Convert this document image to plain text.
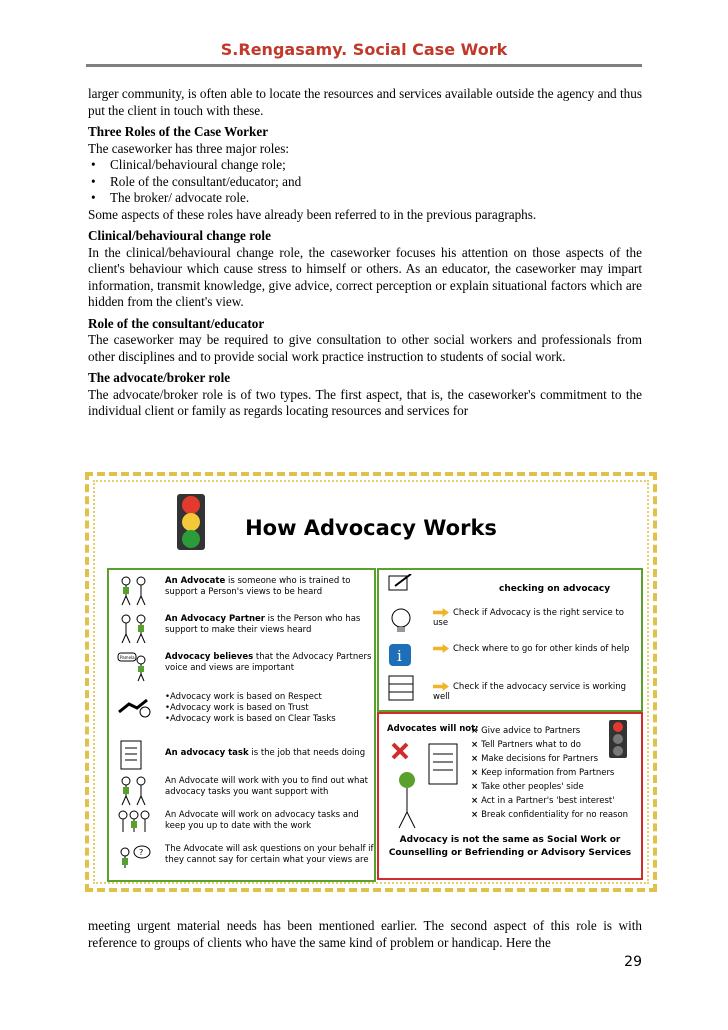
S.Rengasamy. Social Case Work

larger community, is often able to locate the resources and services available outside the agency and thus put the client in touch with these.

Three Roles of the Case Worker

The caseworker has three major roles:

• Clinical/behavioural change role;
• Role of the consultant/educator; and
• The broker/ advocate role.

Some aspects of these roles have already been referred to in the previous paragraphs.

Clinical/behavioural change role

In the clinical/behavioural change role, the caseworker focuses his attention on those aspects of the client's behaviour which cause stress to himself or others. As an educator, the caseworker may impart information, transmit knowledge, give advice, correct perception or explain situational factors which are hidden from the client's view.

Role of the consultant/educator

The caseworker may be required to give consultation to other social workers and professionals from other disciplines and to provide social work practice instruction to students of social work.

The advocate/broker role

The advocate/broker role is of two types. The first aspect, that is, the caseworker's commitment to the individual client or family as regards locating resources and services for

How Advocacy Works
An Advocate is someone who is trained to support a Person's views to be heard
An Advocacy Partner is the Person who has support to make their views heard
Pamela	Advocacy believes that the Advocacy Partners voice and views are important
• Advocacy work is based on Respect
• Advocacy work is based on Trust
• Advocacy work is based on Clear Tasks
An advocacy task is the job that needs doing
An Advocate will work with you to find out what advocacy tasks you want support with
An Advocate will work on advocacy tasks and keep you up to date with the work
?	The Advocate will ask questions on your behalf if they cannot say for certain what your views are
i
checking on advocacy
Check if Advocacy is the right service to use
Check where to go for other kinds of help
Check if the advocacy service is working well
Advocates will not:
× Give advice to Partners
× Tell Partners what to do
× Make decisions for Partners
× Keep information from Partners
× Take other peoples' side
× Act in a Partner's 'best interest'
× Break confidentiality for no reason
Advocacy is not the same as Social Work or Counselling or Befriending or Advisory Services

meeting urgent material needs has been mentioned earlier. The second aspect of this role is with reference to groups of clients who have the same kind of problem or handicap. Here the

29
